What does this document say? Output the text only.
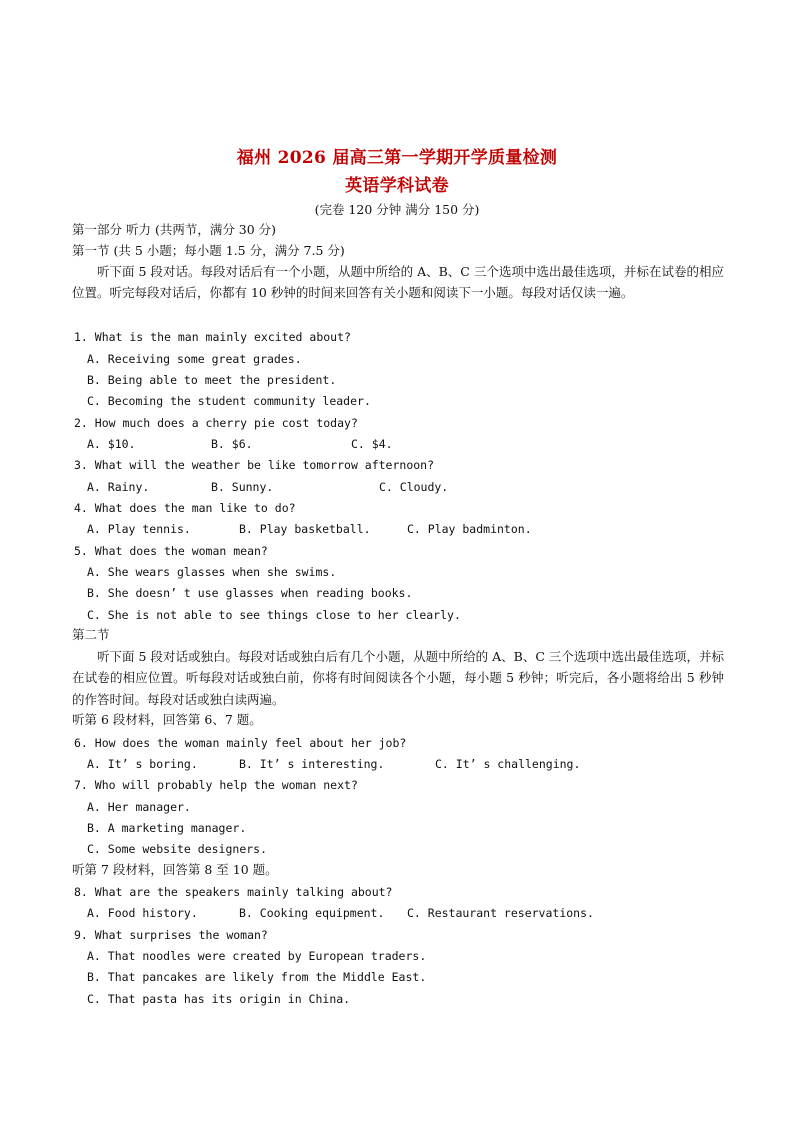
福州 2026 届高三第一学期开学质量检测
英语学科试卷
(完卷 120 分钟 满分 150 分)
第一部分 听力 (共两节，满分 30 分)
第一节 (共 5 小题；每小题 1.5 分，满分 7.5 分)
听下面 5 段对话。每段对话后有一个小题，从题中所给的 A、B、C 三个选项中选出最佳选项，并标在试卷的相应位置。听完每段对话后，你都有 10 秒钟的时间来回答有关小题和阅读下一小题。每段对话仅读一遍。
1. What is the man mainly excited about?
A. Receiving some great grades.
B. Being able to meet the president.
C. Becoming the student community leader.
2. How much does a cherry pie cost today?
A. $10.	B. $6.	C. $4.
3. What will the weather be like tomorrow afternoon?
A. Rainy.	B. Sunny.	C. Cloudy.
4. What does the man like to do?
A. Play tennis.	B. Play basketball.	C. Play badminton.
5. What does the woman mean?
A. She wears glasses when she swims.
B. She doesn’ t use glasses when reading books.
C. She is not able to see things close to her clearly.
第二节
听下面 5 段对话或独白。每段对话或独白后有几个小题，从题中所给的 A、B、C 三个选项中选出最佳选项，并标在试卷的相应位置。听每段对话或独白前，你将有时间阅读各个小题，每小题 5 秒钟；听完后，各小题将给出 5 秒钟的作答时间。每段对话或独白读两遍。
听第 6 段材料，回答第 6、7 题。
6. How does the woman mainly feel about her job?
A. It’ s boring.	B. It’ s interesting.	C. It’ s challenging.
7. Who will probably help the woman next?
A. Her manager.
B. A marketing manager.
C. Some website designers.
听第 7 段材料，回答第 8 至 10 题。
8. What are the speakers mainly talking about?
A. Food history.	B. Cooking equipment. C. Restaurant reservations.
9. What surprises the woman?
A. That noodles were created by European traders.
B. That pancakes are likely from the Middle East.
C. That pasta has its origin in China.
